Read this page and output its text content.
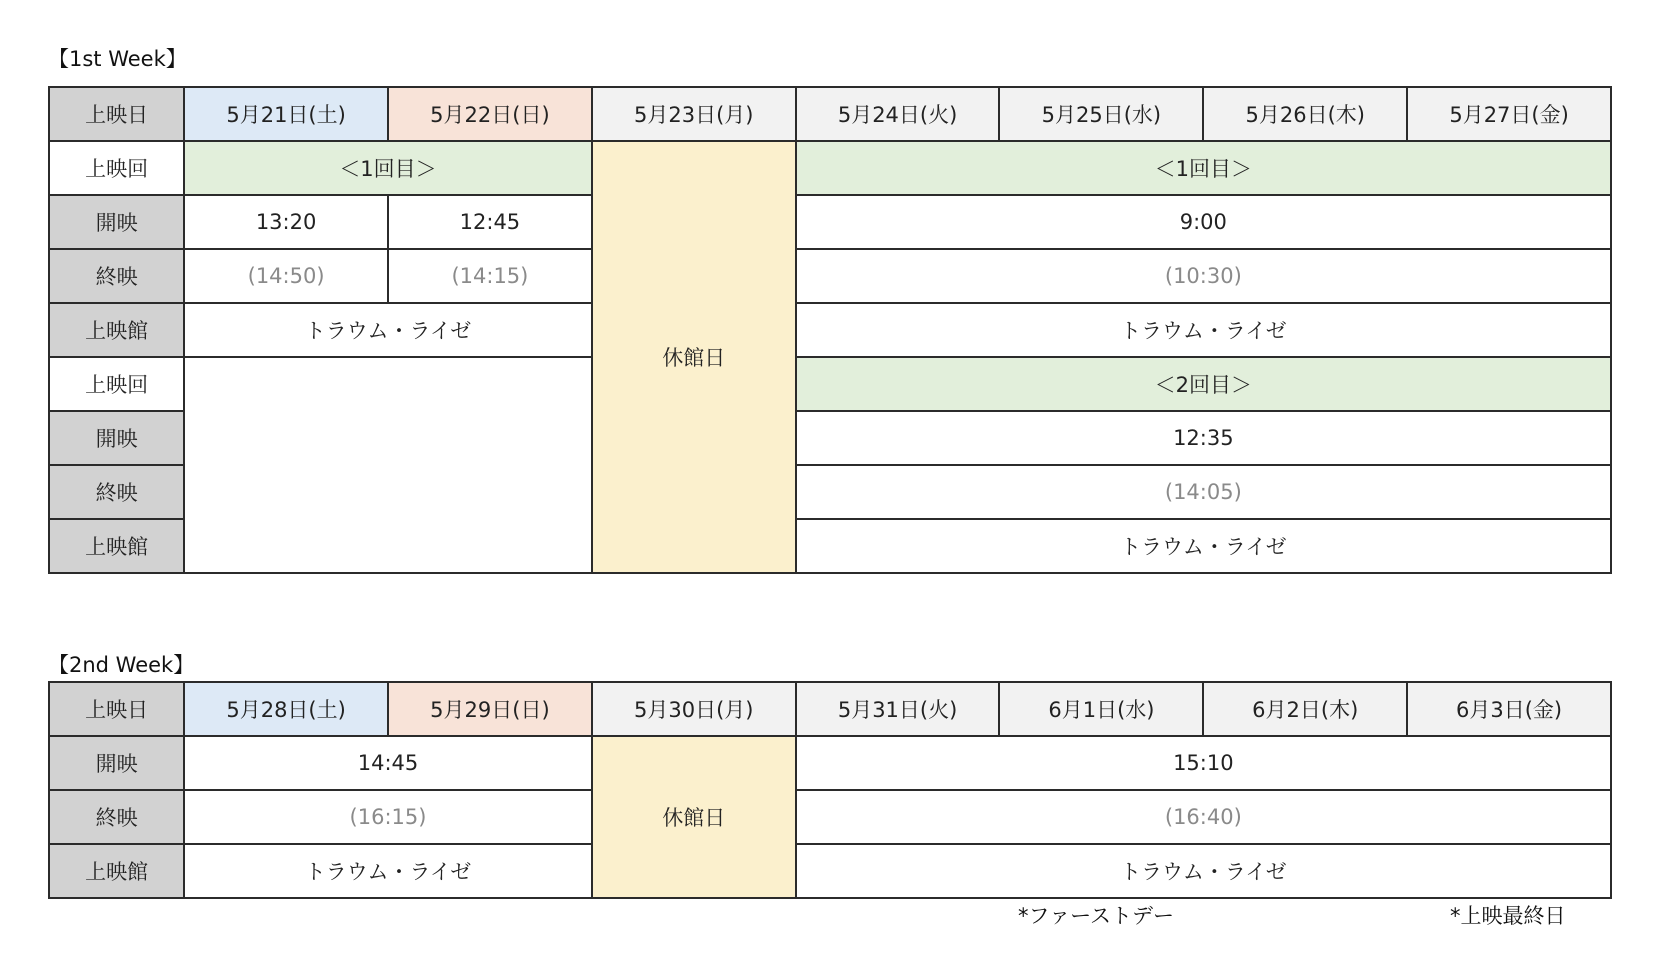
【1st Week】
上映日	5月21日(土)	5月22日(日)	5月23日(月)	5月24日(火)	5月25日(水)	5月26日(木)	5月27日(金)
上映回	＜1回目＞		休館日	＜1回目＞			
開映	13:20	12:45		9:00			
終映	(14:50)	(14:15)		(10:30)			
上映館	トラウム・ライゼ			トラウム・ライゼ			
上映回				＜2回目＞			
開映				12:35			
終映				(14:05)			
上映館				トラウム・ライゼ			
【2nd Week】
上映日	5月28日(土)	5月29日(日)	5月30日(月)	5月31日(火)	6月1日(水)	6月2日(木)	6月3日(金)
開映	14:45		休館日	15:10			
終映	(16:15)			(16:40)			
上映館	トラウム・ライゼ			トラウム・ライゼ			
*ファーストデー	*上映最終日
